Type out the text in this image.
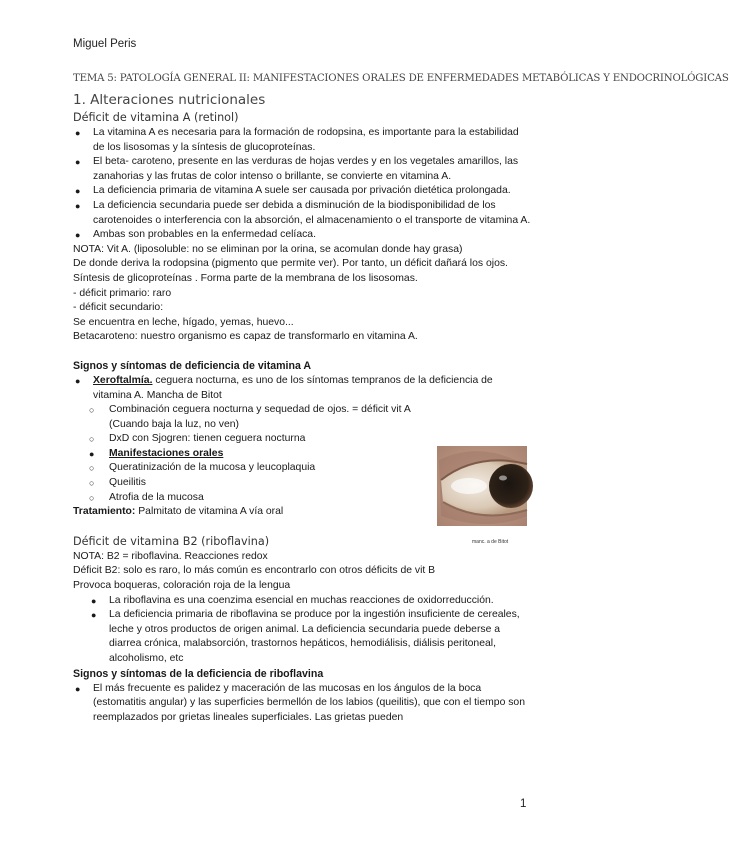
Miguel Peris
TEMA 5: PATOLOGÍA GENERAL II: MANIFESTACIONES ORALES DE ENFERMEDADES METABÓLICAS Y ENDOCRINOLÓGICAS
1. Alteraciones nutricionales
Déficit de vitamina A (retinol)
● La vitamina A es necesaria para la formación de rodopsina, es importante para la estabilidad de los lisosomas y la síntesis de glucoproteínas.
● El beta- caroteno, presente en las verduras de hojas verdes y en los vegetales amarillos, las zanahorias y las frutas de color intenso o brillante, se convierte en vitamina A.
● La deficiencia primaria de vitamina A suele ser causada por privación dietética prolongada.
● La deficiencia secundaria puede ser debida a disminución de la biodisponibilidad de los carotenoides o interferencia con la absorción, el almacenamiento o el transporte de vitamina A.
● Ambas son probables en la enfermedad celíaca.

NOTA: Vit A. (liposoluble: no se eliminan por la orina, se acomulan donde hay grasa)

De donde deriva la rodopsina (pigmento que permite ver). Por tanto, un déficit dañará los ojos. Síntesis de glicoproteínas . Forma parte de la membrana de los lisosomas.

- déficit primario: raro

- déficit secundario:

Se encuentra en leche, hígado, yemas, huevo...

Betacaroteno: nuestro organismo es capaz de transformarlo en vitamina A.

Signos y síntomas de deficiencia de vitamina A
● Xeroftalmía. ceguera nocturna, es uno de los síntomas tempranos de la deficiencia de vitamina A. Mancha de Bitot
○ Combinación ceguera nocturna y sequedad de ojos. = déficit vit A (Cuando baja la luz, no ven)
○ DxD con Sjogren: tienen ceguera nocturna
● Manifestaciones orales
○ Queratinización de la mucosa y leucoplaquia
○ Queilitis
○ Atrofia de la mucosa

Tratamiento: Palmitato de vitamina A vía oral

Déficit de vitamina B2 (riboflavina)

NOTA: B2 = riboflavina. Reacciones redox

Déficit B2: solo es raro, lo más común es encontrarlo con otros déficits de vit B

Provoca boqueras, coloración roja de la lengua

● La riboflavina es una coenzima esencial en muchas reacciones de oxidorreducción.
● La deficiencia primaria de riboflavina se produce por la ingestión insuficiente de cereales, leche y otros productos de origen animal. La deficiencia secundaria puede deberse a diarrea crónica, malabsorción, trastornos hepáticos, hemodiálisis, diálisis peritoneal, alcoholismo, etc
Signos y síntomas de la deficiencia de riboflavina
● El más frecuente es palidez y maceración de las mucosas en los ángulos de la boca (estomatitis angular) y las superficies bermellón de los labios (queilitis), que con el tiempo son reemplazados por grietas lineales superficiales. Las grietas pueden
manc. a de Bitot
1
